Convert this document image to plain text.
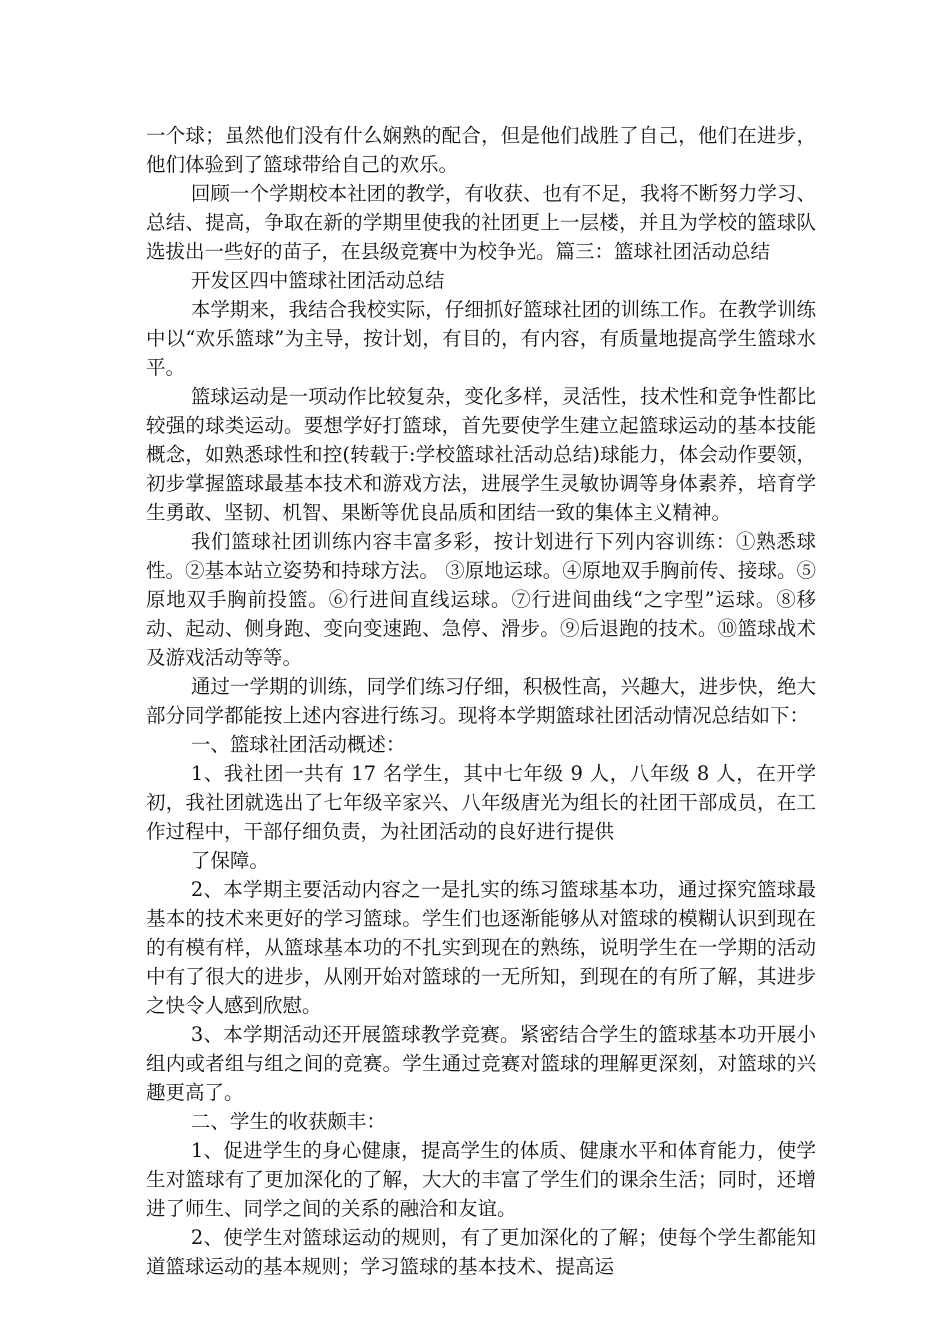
一个球；虽然他们没有什么娴熟的配合，但是他们战胜了自己，他们在进步，他们体验到了篮球带给自己的欢乐。

回顾一个学期校本社团的教学，有收获、也有不足，我将不断努力学习、总结、提高，争取在新的学期里使我的社团更上一层楼，并且为学校的篮球队选拔出一些好的苗子，在县级竞赛中为校争光。篇三：篮球社团活动总结

开发区四中篮球社团活动总结

本学期来，我结合我校实际，仔细抓好篮球社团的训练工作。在教学训练中以“欢乐篮球”为主导，按计划，有目的，有内容，有质量地提高学生篮球水平。

篮球运动是一项动作比较复杂，变化多样，灵活性，技术性和竞争性都比较强的球类运动。要想学好打篮球，首先要使学生建立起篮球运动的基本技能概念，如熟悉球性和控(转载于:学校篮球社活动总结)球能力，体会动作要领，初步掌握篮球最基本技术和游戏方法，进展学生灵敏协调等身体素养，培育学生勇敢、坚韧、机智、果断等优良品质和团结一致的集体主义精神。

我们篮球社团训练内容丰富多彩，按计划进行下列内容训练：①熟悉球性。②基本站立姿势和持球方法。 ③原地运球。④原地双手胸前传、接球。⑤原地双手胸前投篮。⑥行进间直线运球。⑦行进间曲线“之字型”运球。⑧移动、起动、侧身跑、变向变速跑、急停、滑步。⑨后退跑的技术。⑩篮球战术及游戏活动等等。

通过一学期的训练，同学们练习仔细，积极性高，兴趣大，进步快，绝大部分同学都能按上述内容进行练习。现将本学期篮球社团活动情况总结如下：

一、篮球社团活动概述：

1、我社团一共有 17 名学生，其中七年级 9 人，八年级 8 人，在开学初，我社团就选出了七年级辛家兴、八年级唐光为组长的社团干部成员，在工作过程中，干部仔细负责，为社团活动的良好进行提供

了保障。

2、本学期主要活动内容之一是扎实的练习篮球基本功，通过探究篮球最基本的技术来更好的学习篮球。学生们也逐渐能够从对篮球的模糊认识到现在的有模有样，从篮球基本功的不扎实到现在的熟练，说明学生在一学期的活动中有了很大的进步，从刚开始对篮球的一无所知，到现在的有所了解，其进步之快令人感到欣慰。

3、本学期活动还开展篮球教学竞赛。紧密结合学生的篮球基本功开展小组内或者组与组之间的竞赛。学生通过竞赛对篮球的理解更深刻，对篮球的兴趣更高了。

二、学生的收获颇丰：

1、促进学生的身心健康，提高学生的体质、健康水平和体育能力，使学生对篮球有了更加深化的了解，大大的丰富了学生们的课余生活；同时，还增进了师生、同学之间的关系的融洽和友谊。

2、使学生对篮球运动的规则，有了更加深化的了解；使每个学生都能知道篮球运动的基本规则；学习篮球的基本技术、提高运
